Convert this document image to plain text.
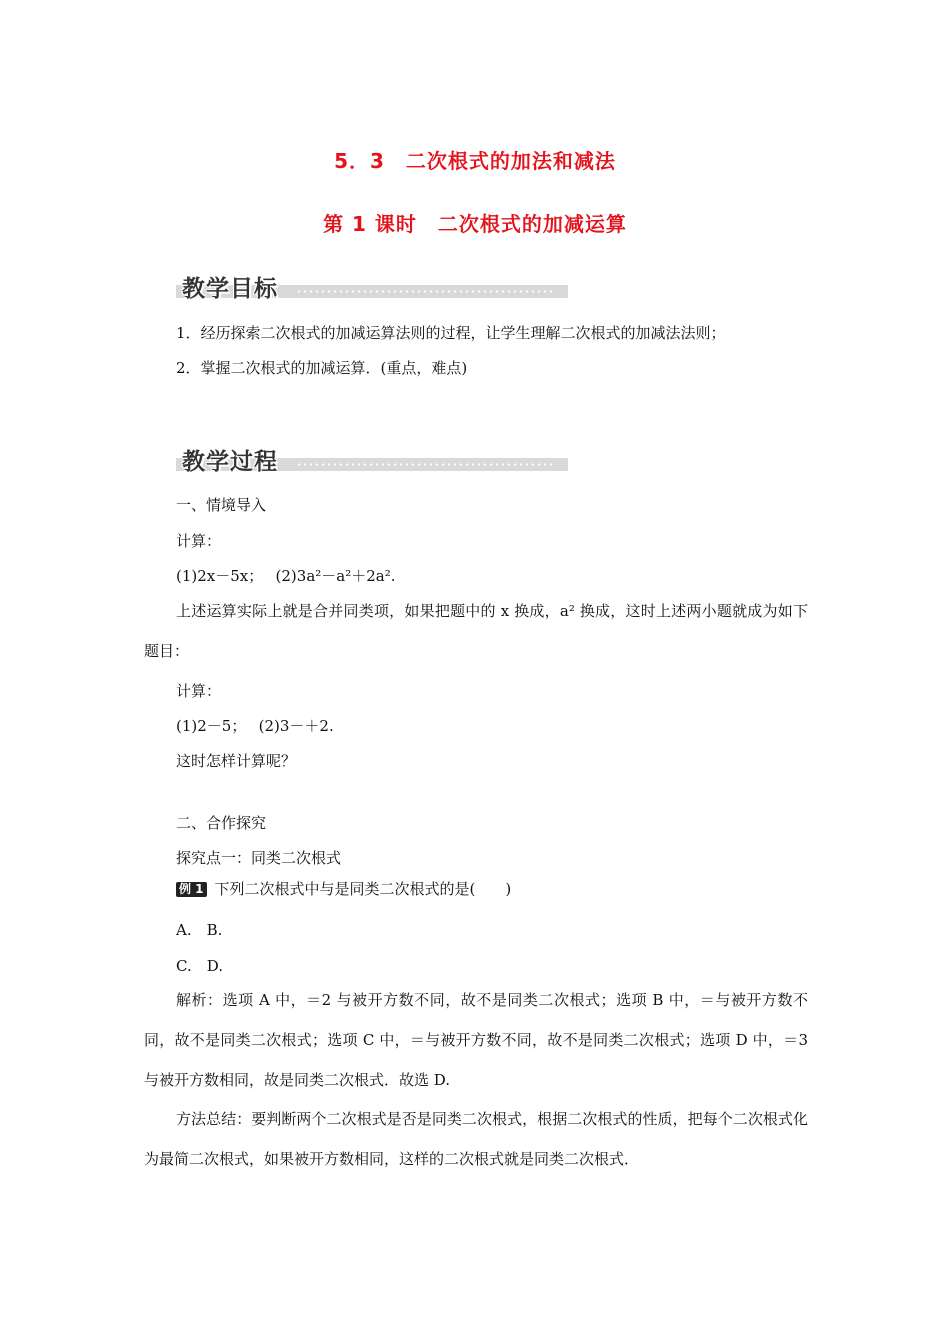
5．3　二次根式的加法和减法
第 1 课时　二次根式的加减运算
教学目标
1．经历探索二次根式的加减运算法则的过程，让学生理解二次根式的加减法法则；
2．掌握二次根式的加减运算．(重点，难点)
教学过程
一、情境导入
计算：
(1)2x－5x；　 (2)3a²－a²＋2a².
上述运算实际上就是合并同类项，如果把题中的 x 换成，a² 换成，这时上述两小题就成为如下题目：
计算：
(1)2－5；　 (2)3－＋2.
这时怎样计算呢？
二、合作探究
探究点一：同类二次根式
例 1 下列二次根式中与是同类二次根式的是(　　)
A.　B.
C.　D.
解析：选项 A 中，＝2 与被开方数不同，故不是同类二次根式；选项 B 中，＝与被开方数不同，故不是同类二次根式；选项 C 中，＝与被开方数不同，故不是同类二次根式；选项 D 中，＝3 与被开方数相同，故是同类二次根式．故选 D.
方法总结：要判断两个二次根式是否是同类二次根式，根据二次根式的性质，把每个二次根式化为最简二次根式，如果被开方数相同，这样的二次根式就是同类二次根式．
